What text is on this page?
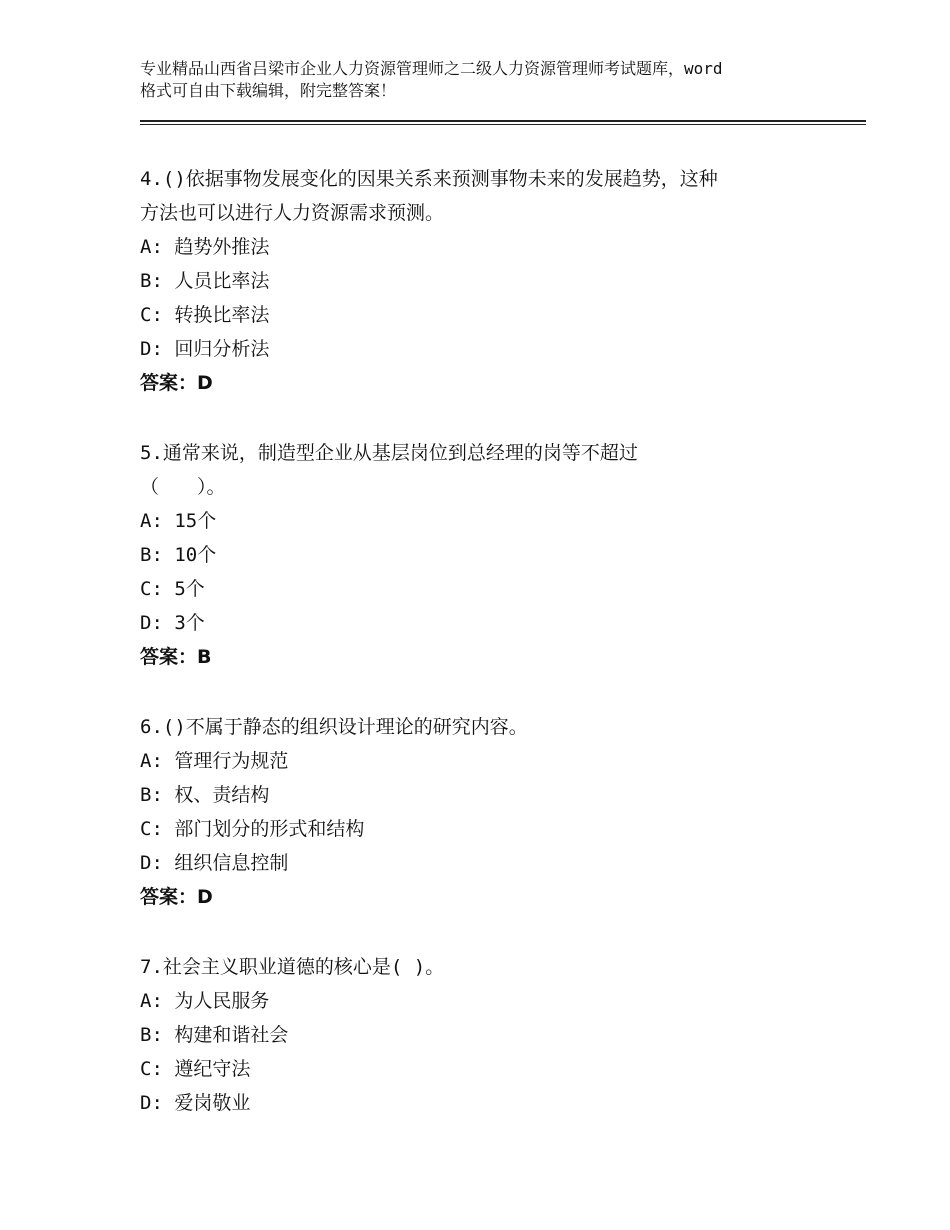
专业精品山西省吕梁市企业人力资源管理师之二级人力资源管理师考试题库，word
格式可自由下载编辑，附完整答案！
4.()依据事物发展变化的因果关系来预测事物未来的发展趋势，这种
方法也可以进行人力资源需求预测。
A: 趋势外推法
B: 人员比率法
C: 转换比率法
D: 回归分析法
答案：D
5.通常来说，制造型企业从基层岗位到总经理的岗等不超过
（　　）。
A: 15个
B: 10个
C: 5个
D: 3个
答案：B
6.()不属于静态的组织设计理论的研究内容。
A: 管理行为规范
B: 权、责结构
C: 部门划分的形式和结构
D: 组织信息控制
答案：D
7.社会主义职业道德的核心是( )。
A: 为人民服务
B: 构建和谐社会
C: 遵纪守法
D: 爱岗敬业
